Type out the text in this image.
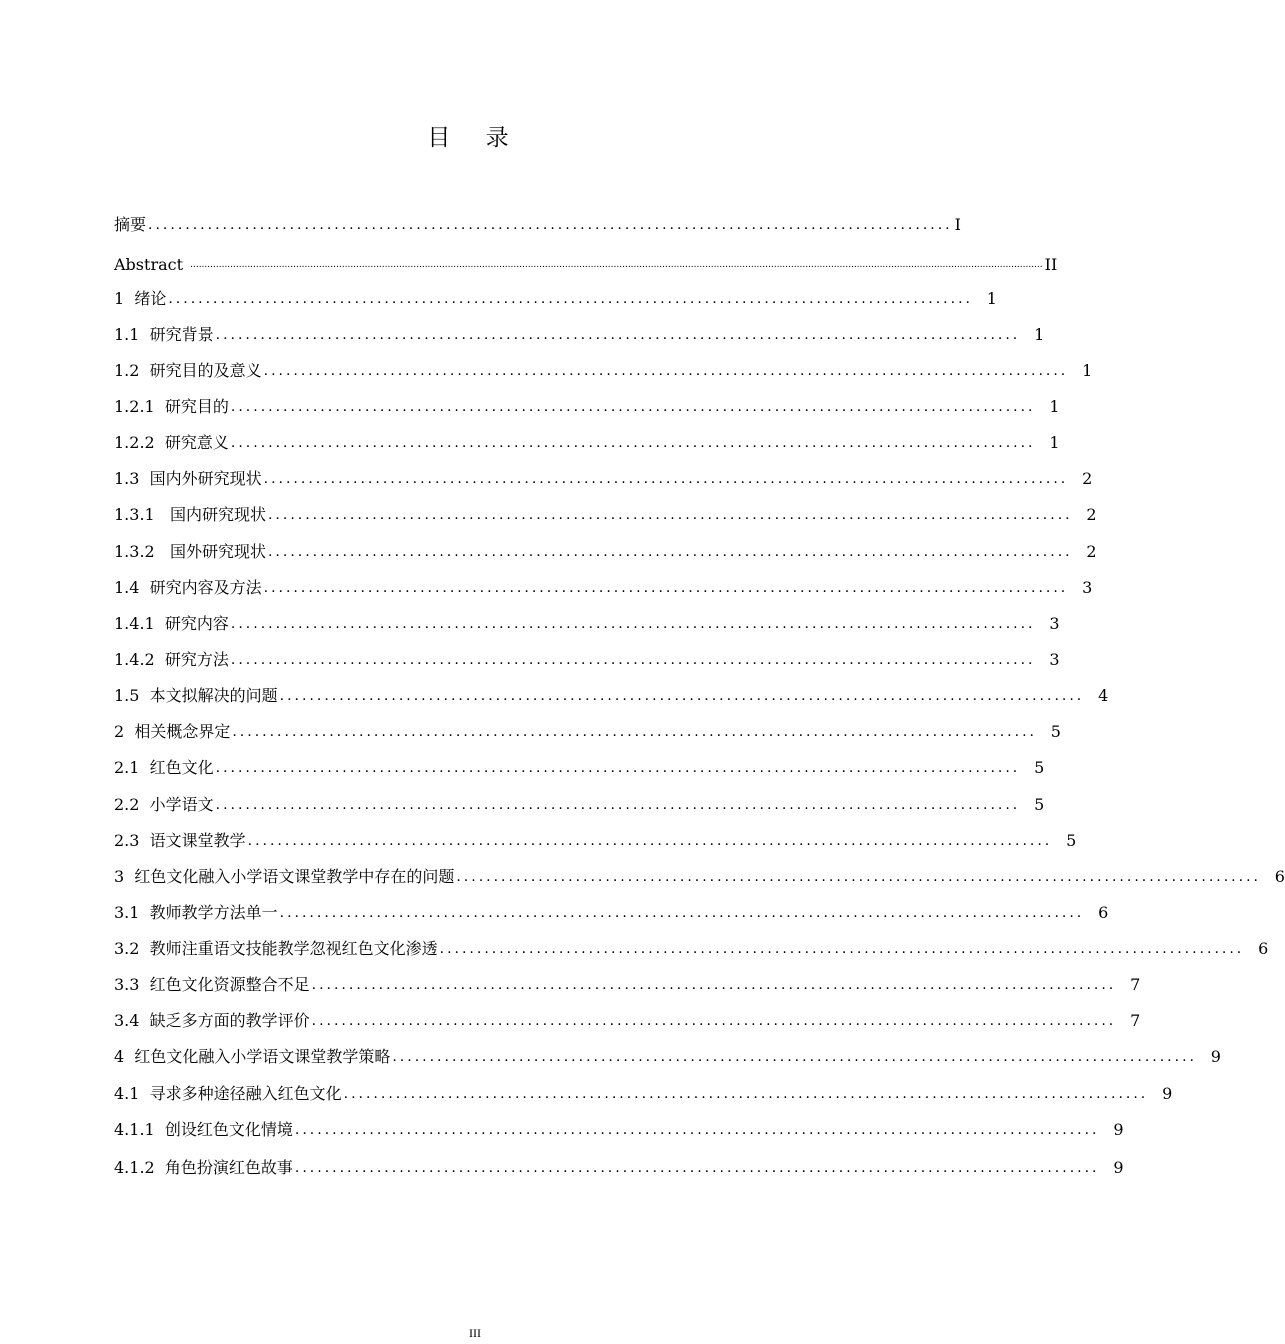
目 录
摘要 ............................................................................................................ I
Abstract .......................................................................................................................................................................................................................................................................................................... II
1  绪论 ............................................................................................................ 1
1.1  研究背景 ............................................................................................................ 1
1.2  研究目的及意义 ............................................................................................................ 1
1.2.1  研究目的 ............................................................................................................ 1
1.2.2  研究意义 ............................................................................................................ 1
1.3  国内外研究现状 ............................................................................................................ 2
1.3.1   国内研究现状 ............................................................................................................ 2
1.3.2   国外研究现状 ............................................................................................................ 2
1.4  研究内容及方法 ............................................................................................................ 3
1.4.1  研究内容 ............................................................................................................ 3
1.4.2  研究方法 ............................................................................................................ 3
1.5  本文拟解决的问题 ............................................................................................................ 4
2  相关概念界定 ............................................................................................................ 5
2.1  红色文化 ............................................................................................................ 5
2.2  小学语文 ............................................................................................................ 5
2.3  语文课堂教学 ............................................................................................................ 5
3  红色文化融入小学语文课堂教学中存在的问题 ............................................................................................................ 6
3.1  教师教学方法单一 ............................................................................................................ 6
3.2  教师注重语文技能教学忽视红色文化渗透 ............................................................................................................ 6
3.3  红色文化资源整合不足 ............................................................................................................ 7
3.4  缺乏多方面的教学评价 ............................................................................................................ 7
4  红色文化融入小学语文课堂教学策略 ............................................................................................................ 9
4.1  寻求多种途径融入红色文化 ............................................................................................................ 9
4.1.1  创设红色文化情境 ............................................................................................................ 9
4.1.2  角色扮演红色故事 ............................................................................................................ 9
III
